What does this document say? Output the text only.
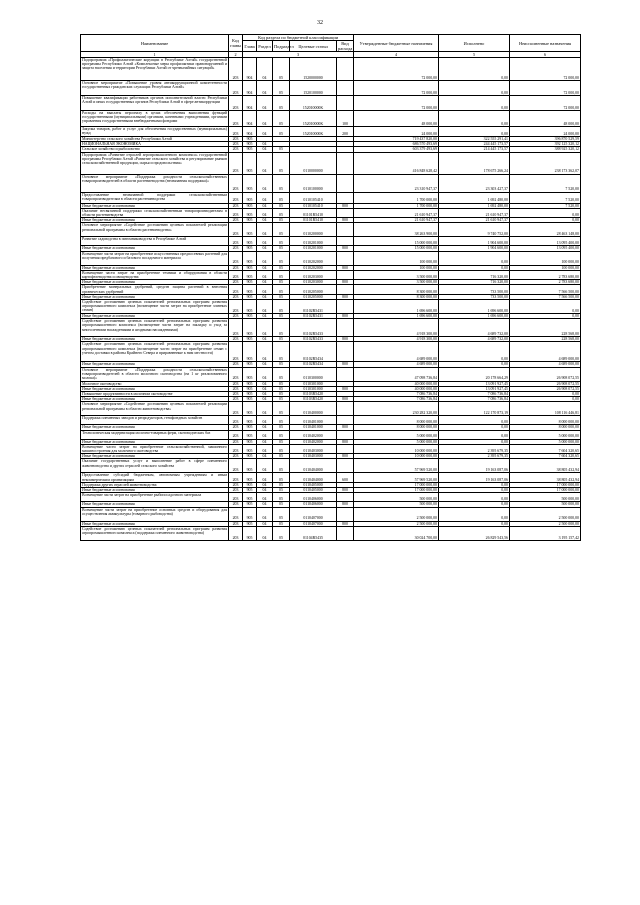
32
Наименование	Код главы	Код раздела по бюджетной классификации					Утвержденные бюджетные назначения	Исполнено	Неисполненные назначения
		Глава	Раздел	Подраздел	Целевые статьи	Вид расхода			
1	2	3					4	5	6
Подпрограмма «Профилактические корупции в Республике Алтай» государственной программы Республики Алтай «Комплексные меры профилактики правонарушений и защита населения и территории Республики Алтай от чрезвычайных ситуаций»	203	904	04	05	1520000000		72 000,00	0,00	72 000,00
Основное мероприятие «Повышение уровня антикоррупционной компетентности государственных гражданских служащих Республики Алтай»	203	904	04	05	1520100000		72 000,00	0,00	72 000,00
Повышение квалификации работников органов исполнительной власти Республики Алтай и иных государственных органов Республики Алтай в сфере антикоррупции	203	904	04	05	152010000K		72 000,00	0,00	72 000,00
Расходы на выплаты персоналу в целях обеспечения выполнения функций государственными (муниципальными) органами, казенными учреждениями, органами управления государственными внебюджетными фондами	203	904	04	05	152010000K	100	48 000,00	0,00	48 000,00
Закупка товаров, работ и услуг для обеспечения государственных (муниципальных) нужд	203	904	04	05	152010000K	200	24 000,00	0,00	24 000,00
Министерство сельского хозяйства Республики Алтай	203	905					719 437 820,00	322 555 291,41	396 870 529,59
НАЦИОНАЛЬНАЯ ЭКОНОМИКА	203	905	04				686 570 493,69	244 445 173,57	392 125 320,12
Сельское хозяйство и рыболовство	203	905	04	05			603 379 493,69	214 445 173,57	388 925 320,12
Подпрограмма «Развитие отраслей агропромышленного комплекса» государственной программы Республики Алтай «Развитие сельского хозяйства и регулирование рынков сельскохозяйственной продукции, сырья и продовольствия»	203	905	04	05	0110000000		416 848 628,42	178 675 266,24	238 173 362,07
Основное мероприятие «Поддержка доходности сельскохозяйственных товаропроизводителей в области растениеводства (несвязанная поддержка)»	203	905	04	05	0110100000		23 310 947,37	23 303 427,37	7 520,00
Предоставление несвязанной поддержки сельскохозяйственным товаропроизводителям в области растениеводства	203	905	04	05	0110105410		1 700 000,00	1 692 480,00	7 520,00
Иные бюджетные ассигнования	203	905	04	05	0110105410	800	1 700 000,00	1 692 480,00	7 520,00
Оказание несвязанной поддержки сельскохозяйственным товаропроизводителям в области растениеводства	203	905	04	05	01101R5410		21 610 947,37	21 610 947,37	0,00
Иные бюджетные ассигнования	203	905	04	05	01101R5410	800	21 610 947,37	21 610 947,37	0,00
Основное мероприятие «Содействие достижению целевых показателей реализации региональной программы в области растениеводства»	203	905	04	05	0110200000		38 263 900,00	9 740 752,00	28 463 148,00
Развитие садоводства в питомниководства в Республике Алтай	203	905	04	05	0110201000		15 000 000,00	1 904 600,00	13 095 400,00
Иные бюджетные ассигнования	203	905	04	05	0110201000	800	15 000 000,00	1 904 600,00	13 095 400,00
Возмещение части затрат на приобретение искусственных предпосевных растений для получения предбазового и базового посадочного материала	203	905	04	05	0110202000		100 000,00	0,00	100 000,00
Иные бюджетные ассигнования	203	905	04	05	0110202000	800	100 000,00	0,00	100 000,00
Возмещение части затрат на приобретение техники и оборудования в области картофелеводства и овощеводства	203	905	04	05	0110203000		3 500 000,00	716 320,00	2 783 680,00
Иные бюджетные ассигнования	203	905	04	05	0110203000	800	3 500 000,00	716 320,00	2 783 680,00
Приобретение минеральных удобрений, средств защиты растений в внесения органических удобрений	203	905	04	05	0110205000		8 300 000,00	733 500,00	7 566 500,00
Иные бюджетные ассигнования	203	905	04	05	0110205000	800	8 300 000,00	733 500,00	7 566 500,00
Содействие достижению целевых показателей региональных программ развития агропромышленного комплекса (возмещение части затрат на приобретение элитных семян)	203	905	04	05	01102R5431		1 696 600,00	1 696 600,00	0,00
Иные бюджетные ассигнования	203	905	04	05	01102R5431	800	1 696 600,00	1 696 600,00	0,00
Содействие достижению целевых показателей региональных программ развития агропромышленного комплекса (возмещение части затрат на закладку и уход за многолетними насаждениями и ягодными насаждениями)	203	905	04	05	01102R5433		4 918 300,00	4 689 732,00	228 568,00
Иные бюджетные ассигнования	203	905	04	05	01102R5433	800	4 918 300,00	4 689 732,00	228 568,00
Содействие достижению целевых показателей региональных программ развития агропромышленного комплекса (возмещение части затрат на приобретение семян с учетом доставки в районы Крайнего Севера и приравненные к ним местности)	203	905	04	05	01102R5434		4 689 000,00	0,00	4 689 000,00
Иные бюджетные ассигнования	203	905	04	05	01102R5434	800	4 689 000,00	0,00	4 689 000,00
Основное мероприятие «Поддержка доходности сельскохозяйственных товаропроизводителей в области молочного скотоводства (на 1 кг реализованного молока)»	203	905	04	05	0110300000		47 098 736,84	20 178 664,29	26 908 072,55
Молочное скотоводство	203	905	04	05	0110301000		40 000 000,00	13 091 927,45	26 908 072,55
Иные бюджетные ассигнования	203	905	04	05	0110301000	800	40 000 000,00	13 091 927,45	26 908 072,55
Повышение продуктивности в молочном скотоводстве	203	905	04	05	01103R5420		7 086 736,84	7 086 736,84	0,00
Иные бюджетные ассигнования	203	905	04	05	01103R5420	800	7 086 736,84	7 086 736,84	0,00
Основное мероприятие «Содействие достижению целевых показателей реализации региональной программы в области животноводства»	203	905	04	05	0110400000		230 282 320,00	122 170 873,19	108 116 446,81
Поддержка племенных заводов и репродукторов, генофондных хозяйств	203	905	04	05	0110401000		8 000 000,00	0,00	8 000 000,00
Иные бюджетные ассигнования	203	905	04	05	0110401000	800	8 000 000,00	0,00	8 000 000,00
Технологическая модернизация молочно-товарных ферм, скотоводческих баз	203	905	04	05	0110402000		5 000 000,00	0,00	5 000 000,00
Иные бюджетные ассигнования	203	905	04	05	0110402000	800	5 000 000,00	0,00	5 000 000,00
Возмещение части затрат на приобретение сельскохозяйственной, машинного машиностроения для молочного скотоводства	203	905	04	05	0110403000		10 000 000,00	2 395 679,35	7 604 320,65
Иные бюджетные ассигнования	203	905	04	05	0110403000	800	10 000 000,00	2 395 679,35	7 604 320,65
Оказание государственных услуг и выполнение работ в сфере племенного животноводства и других отраслей сельского хозяйства	203	905	04	05	0110404000		57 969 520,00	19 163 087,06	38 805 432,94
Предоставление субсидий бюджетным, автономным учреждениям и иным некоммерческим организациям	203	905	04	05	0110404000	600	57 969 520,00	19 163 087,06	38 805 432,94
Поддержка других отраслей животноводства	203	905	04	05	0110405000		17 000 000,00	0,00	17 000 000,00
Иные бюджетные ассигнования	203	905	04	05	0110405000	800	17 000 000,00	0,00	17 000 000,00
Возмещение части затрат на приобретение рыбопосадочного материала	203	905	04	05	0110406000		500 000,00	0,00	500 000,00
Иные бюджетные ассигнования	203	905	04	05	0110406000	800	500 000,00	0,00	500 000,00
Возмещение части затрат на приобретение основных средств и оборудования для осуществления аквакультуры (товарного рыбоводства)	203	905	04	05	0110407000		2 500 000,00	0,00	2 500 000,00
Иные бюджетные ассигнования	203	905	04	05	0110407000	800	2 500 000,00	0,00	2 500 000,00
Содействие достижению целевых показателей региональных программ развития агропромышленного комплекса (поддержка племенного животноводства)	203	905	04	05	01104R5435		30 024 700,00	26 829 543,56	3 195 157,42
